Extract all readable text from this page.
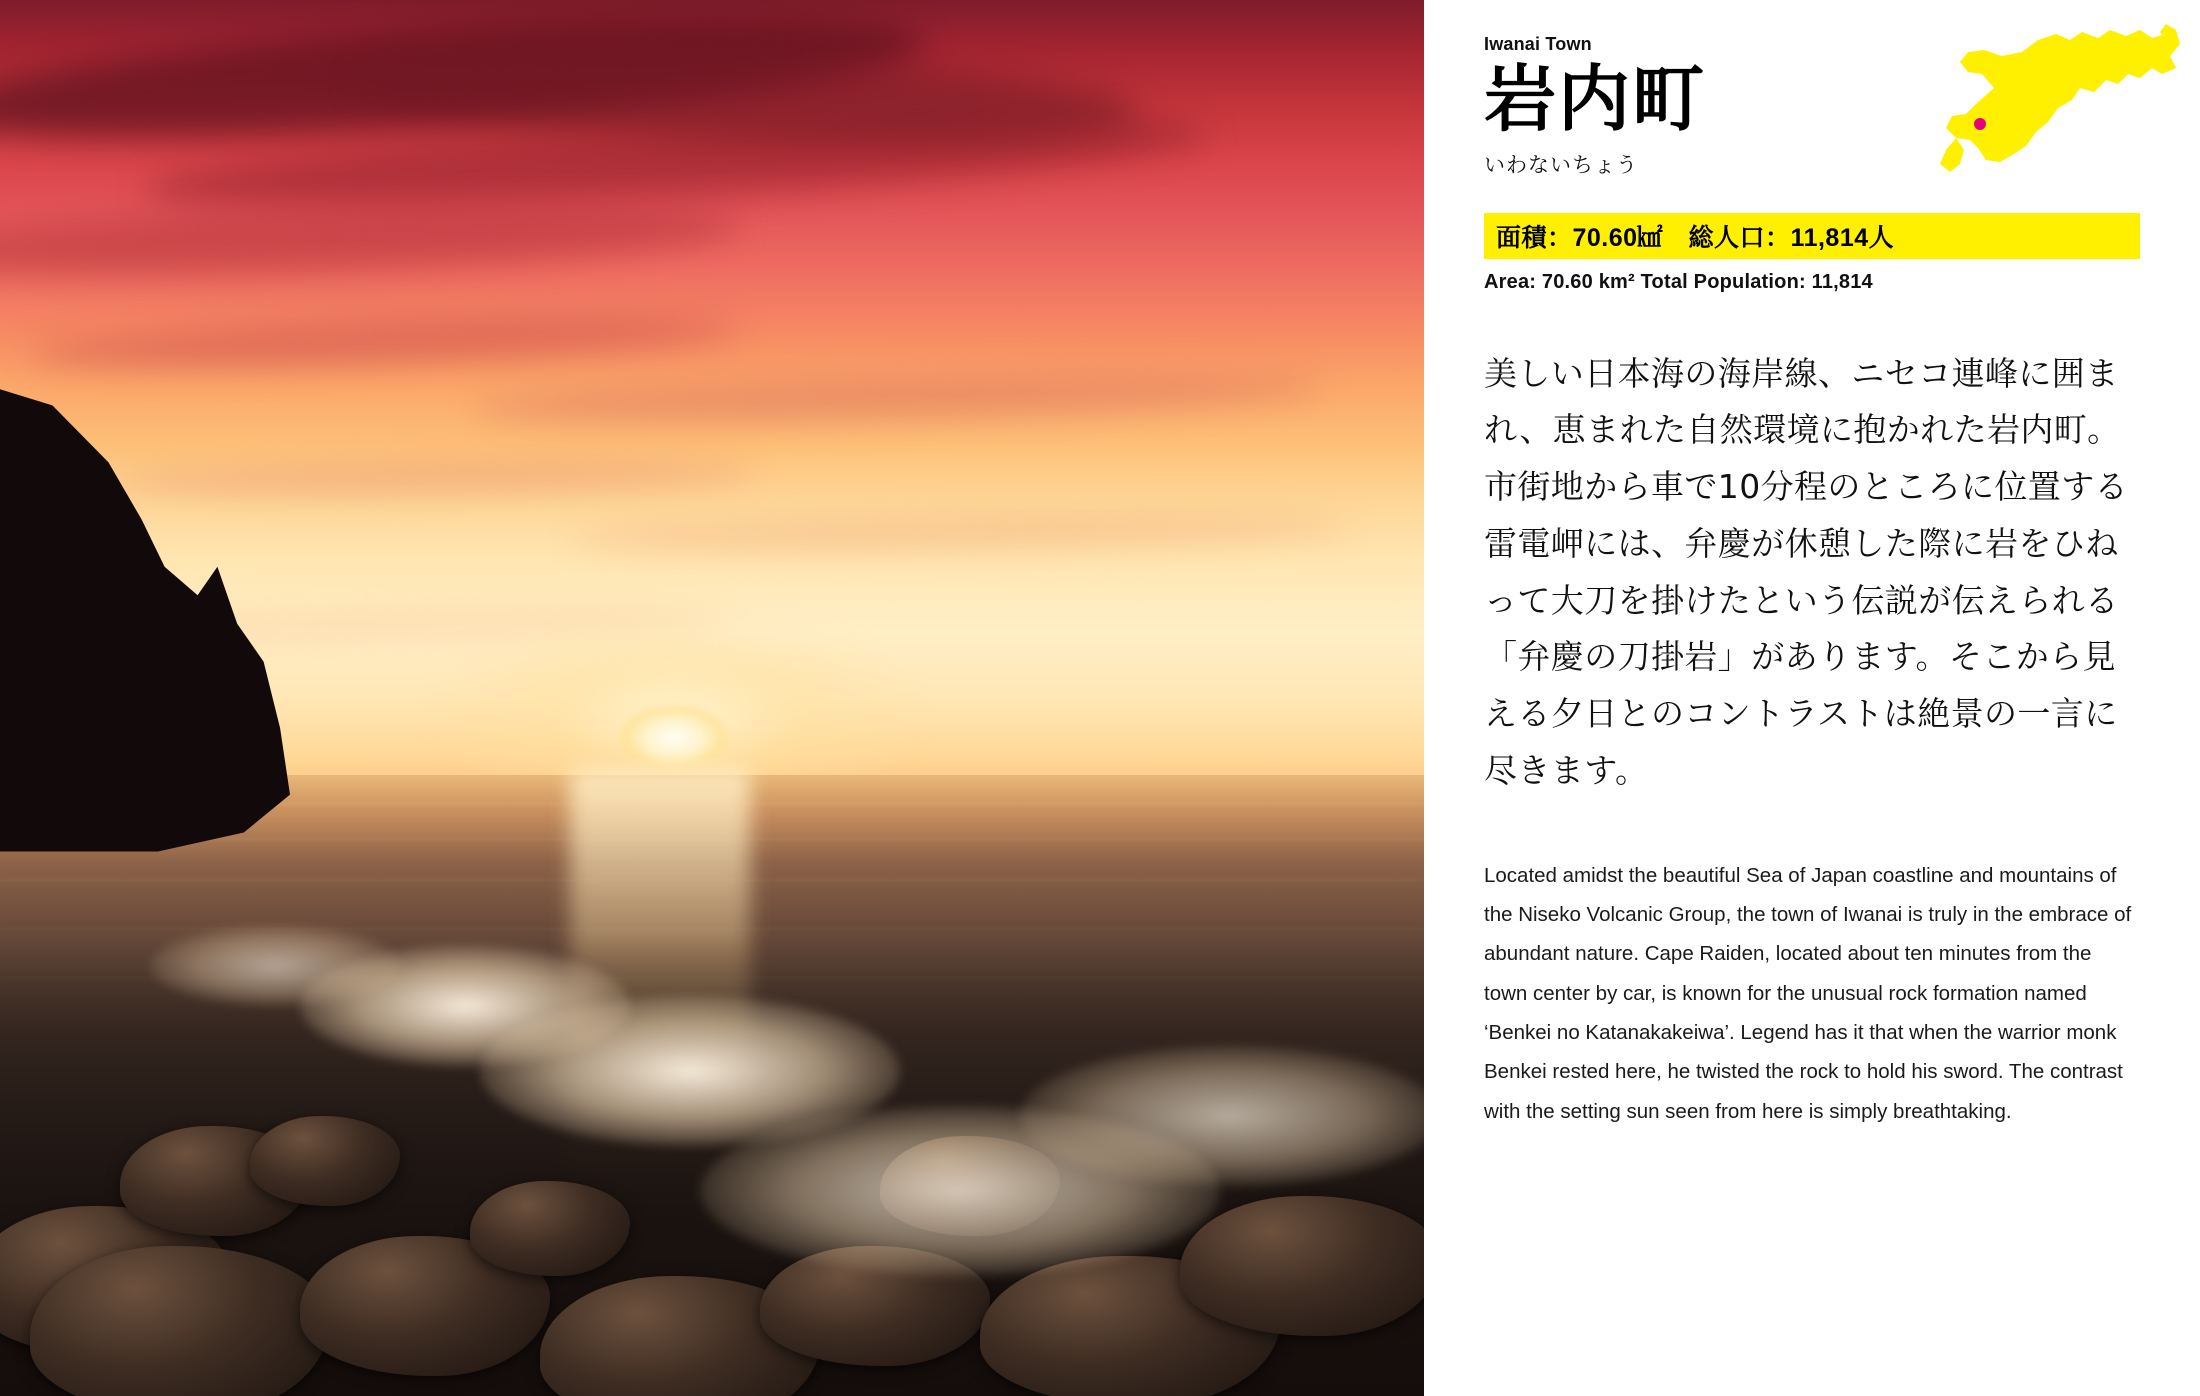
Iwanai Town
岩内町
いわないちょう
面積：70.60㎢　総人口：11,814人
Area: 70.60 km² Total Population: 11,814

美しい日本海の海岸線、ニセコ連峰に囲まれ、恵まれた自然環境に抱かれた岩内町。市街地から車で10分程のところに位置する雷電岬には、弁慶が休憩した際に岩をひねって大刀を掛けたという伝説が伝えられる「弁慶の刀掛岩」があります。そこから見える夕日とのコントラストは絶景の一言に尽きます。

Located amidst the beautiful Sea of Japan coastline and mountains of the Niseko Volcanic Group, the town of Iwanai is truly in the embrace of abundant nature. Cape Raiden, located about ten minutes from the town center by car, is known for the unusual rock formation named ‘Benkei no Katanakakeiwa’. Legend has it that when the warrior monk Benkei rested here, he twisted the rock to hold his sword. The contrast with the setting sun seen from here is simply breathtaking.
